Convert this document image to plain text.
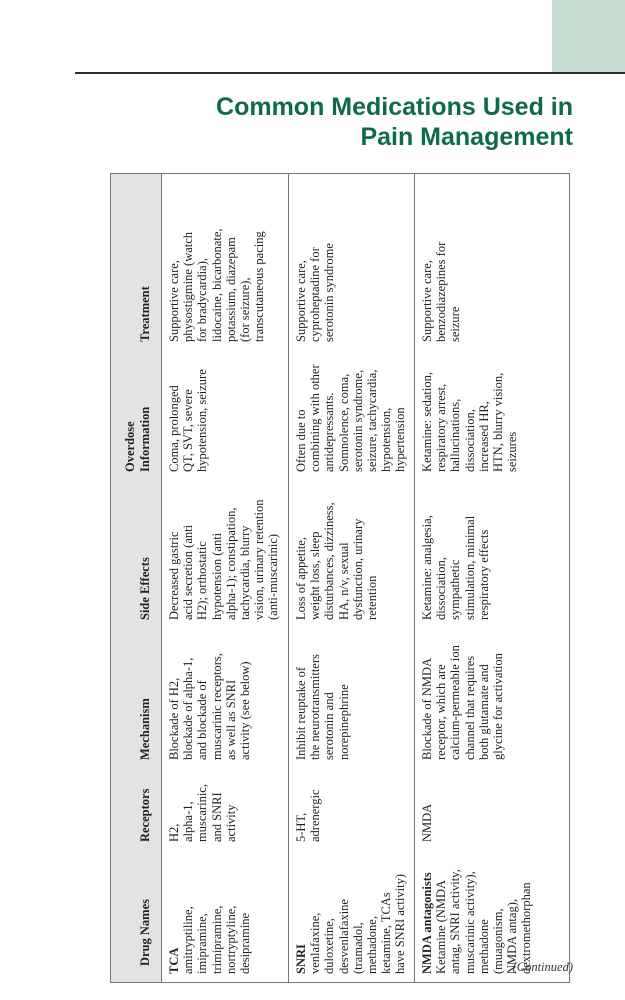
Common Medications Used in
Pain Management
Drug Names
Receptors
Mechanism
Side Effects
Overdose Information
Treatment
TCA amitryptiline, imipramine, trimipramine, nortryptyline, desipramine
H2, alpha-1, muscarinic, and SNRI activity
Blockade of H2, blockade of alpha-1, and blockade of muscarinic receptors, as well as SNRI activity (see below)
Decreased gastric acid secretion (anti H2); orthostatic hypotension (anti alpha-1); constipation, tachycardia, blurry vision, urinary retention (anti-muscarinic)
Coma, prolonged QT, SVT, severe hypotension, seizure
Supportive care, physostigmine (watch for bradycardia), lidocaine, bicarbonate, potassium, diazepam (for seizure), transcutaneous pacing
SNRI venlafaxine, duloxetine, desvenlafaxine (tramadol, methadone, ketamine, TCAs have SNRI activity)
5-HT, adrenergic
Inhibit reuptake of the neurotransmitters serotonin and norepinephrine
Loss of appetite, weight loss, sleep disturbances, dizziness, HA, n/v, sexual dysfunction, urinary retention
Often due to combining with other antidepressants. Somnolence, coma, serotonin syndrome, seizure, tachycardia, hypotension, hypertension
Supportive care, cyproheptadine for serotonin syndrome
NMDA antagonists Ketamine (NMDA antag, SNRI activity, muscarinic activity), methadone (muagonism, NMDA antag), dextromethorphan
NMDA
Blockade of NMDA receptor, which are calcium-permeable ion channel that requires both glutamate and glycine for activation
Ketamine: analgesia, dissociation, sympathetic stimulation, minimal respiratory effects
Ketamine: sedation, respiratory arrest, hallucinations, dissociation, increased HR, HTN, blurry vision, seizures
Supportive care, benzodiazepines for seizure
(Continued)
